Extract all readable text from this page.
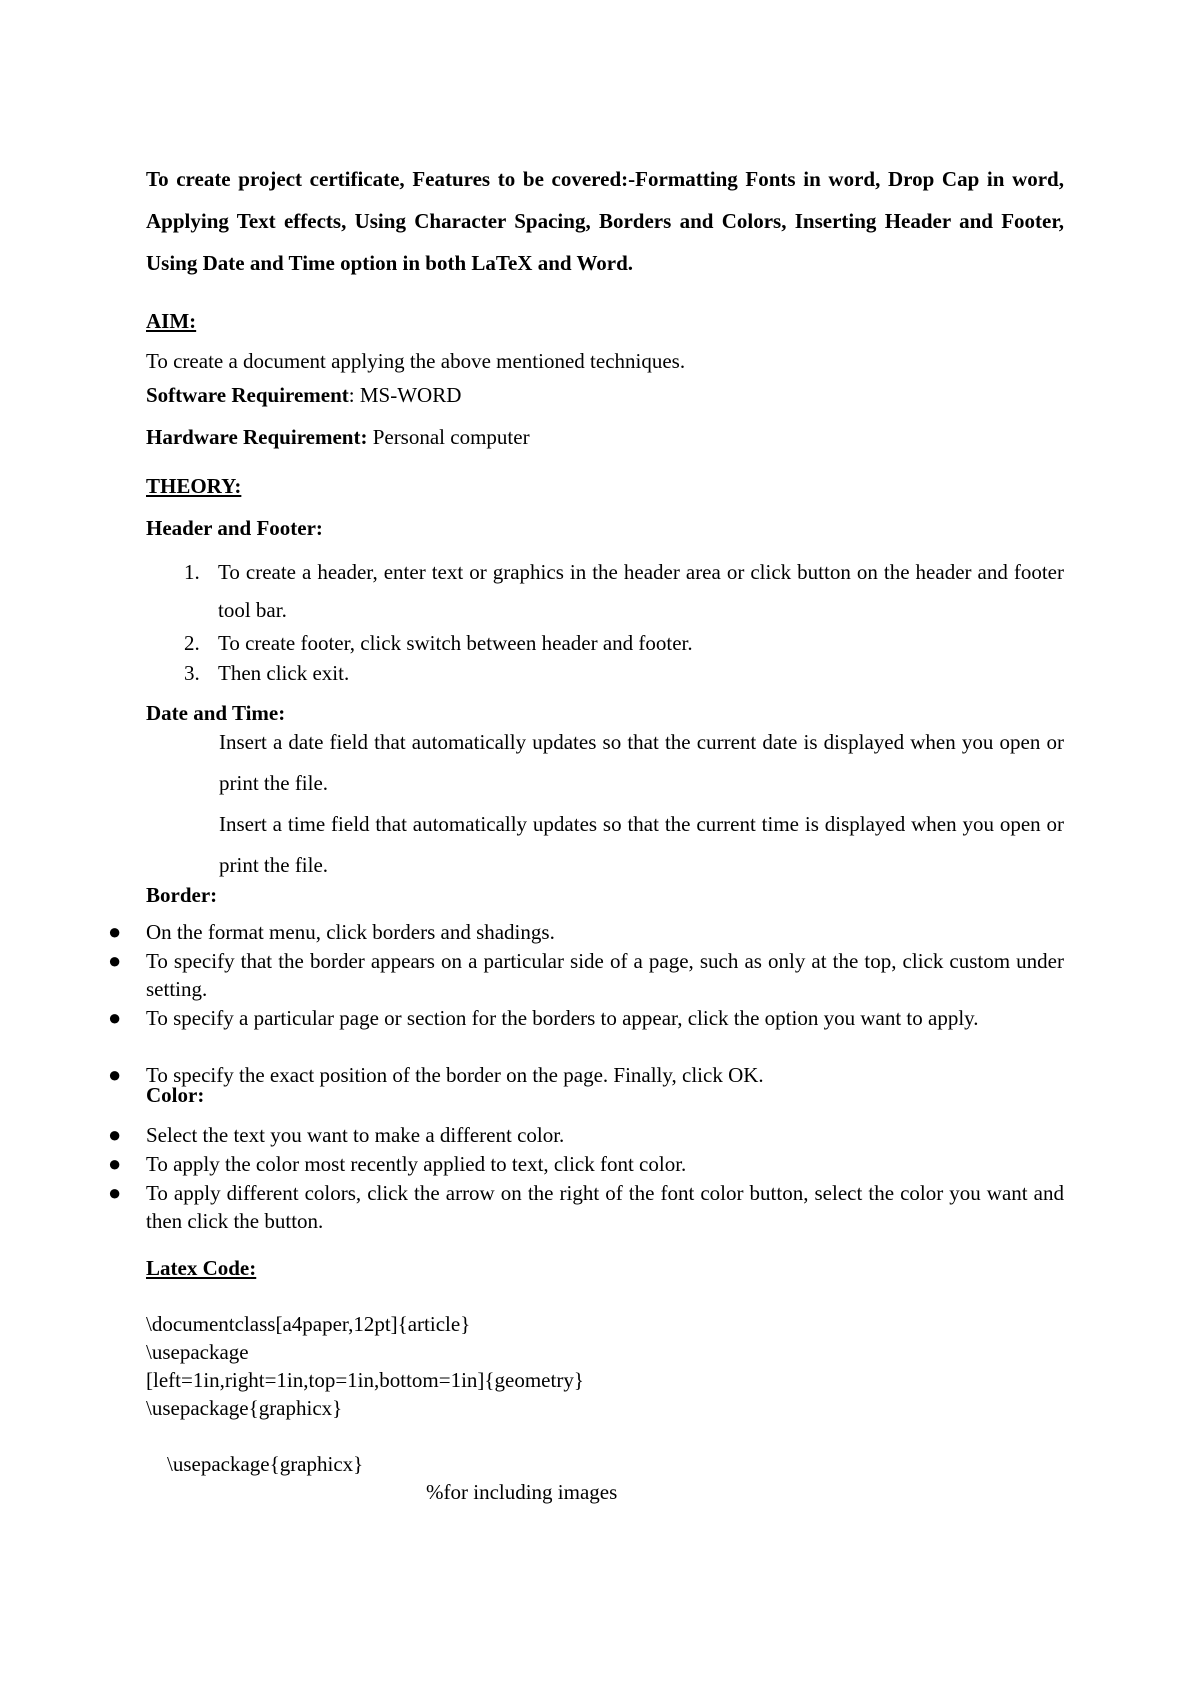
To create project certificate, Features to be covered:-Formatting Fonts in word, Drop Cap in word, Applying Text effects, Using Character Spacing, Borders and Colors, Inserting Header and Footer, Using Date and Time option in both LaTeX and Word.

AIM:
To create a document applying the above mentioned techniques.
Software Requirement: MS-WORD
Hardware Requirement: Personal computer
THEORY:
Header and Footer:
1. To create a header, enter text or graphics in the header area or click button on the header and footer tool bar.
2. To create footer, click switch between header and footer.
3. Then click exit.
Date and Time:
Insert a date field that automatically updates so that the current date is displayed when you open or print the file.
Insert a time field that automatically updates so that the current time is displayed when you open or print the file.
Border:
● On the format menu, click borders and shadings.
● To specify that the border appears on a particular side of a page, such as only at the top, click custom under setting.
● To specify a particular page or section for the borders to appear, click the option you want to apply.
● To specify the exact position of the border on the page. Finally, click OK.
Color:
● Select the text you want to make a different color.
● To apply the color most recently applied to text, click font color.
● To apply different colors, click the arrow on the right of the font color button, select the color you want and then click the button.
Latex Code:
\documentclass[a4paper,12pt]{article}
\usepackage
[left=1in,right=1in,top=1in,bottom=1in]{geometry}
\usepackage{graphicx}

\usepackage{graphicx}

%for including images
